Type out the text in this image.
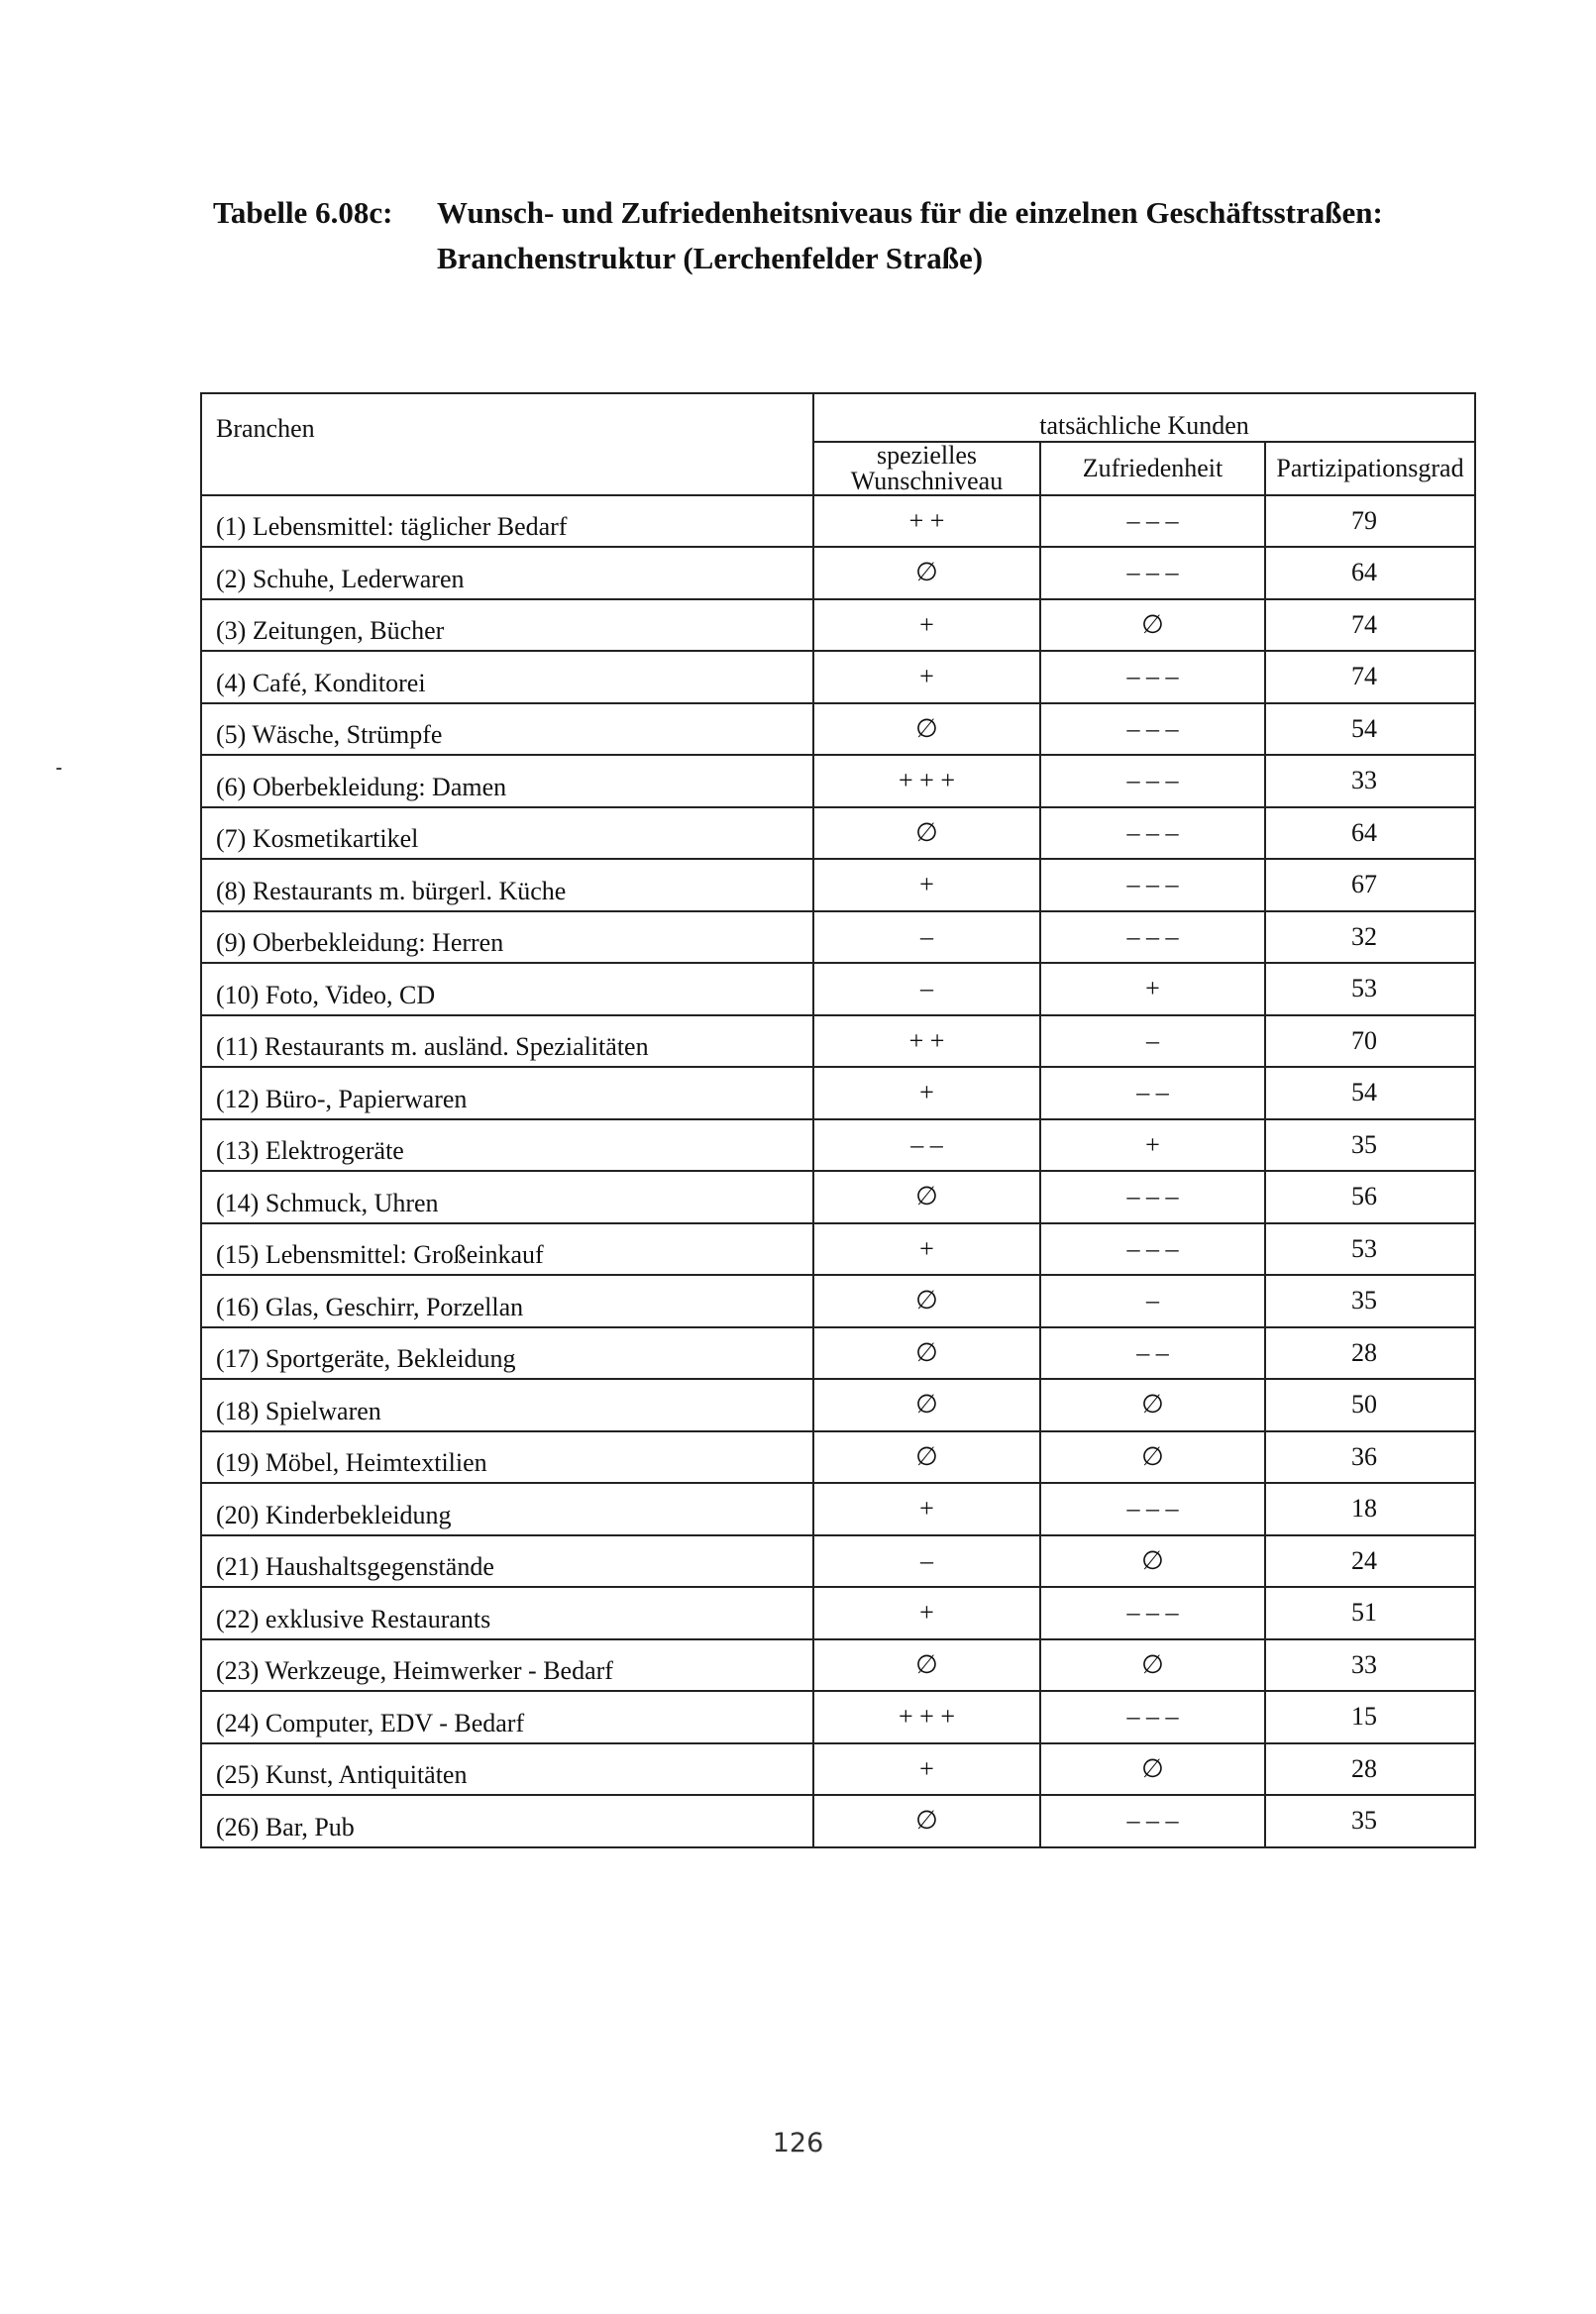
Tabelle 6.08c:	Wunsch- und Zufriedenheitsniveaus für die einzelnen Geschäftsstraßen:
Branchenstruktur (Lerchenfelder Straße)
Branchen	tatsächliche Kunden		
	spezielles Wunschniveau	Zufriedenheit	Partizipationsgrad
(1) Lebensmittel: täglicher Bedarf	+ +	– – –	79
(2) Schuhe, Lederwaren	∅	– – –	64
(3) Zeitungen, Bücher	+	∅	74
(4) Café, Konditorei	+	– – –	74
(5) Wäsche, Strümpfe	∅	– – –	54
(6) Oberbekleidung: Damen	+ + +	– – –	33
(7) Kosmetikartikel	∅	– – –	64
(8) Restaurants m. bürgerl. Küche	+	– – –	67
(9) Oberbekleidung: Herren	–	– – –	32
(10) Foto, Video, CD	–	+	53
(11) Restaurants m. ausländ. Spezialitäten	+ +	–	70
(12) Büro-, Papierwaren	+	– –	54
(13) Elektrogeräte	– –	+	35
(14) Schmuck, Uhren	∅	– – –	56
(15) Lebensmittel: Großeinkauf	+	– – –	53
(16) Glas, Geschirr, Porzellan	∅	–	35
(17) Sportgeräte, Bekleidung	∅	– –	28
(18) Spielwaren	∅	∅	50
(19) Möbel, Heimtextilien	∅	∅	36
(20) Kinderbekleidung	+	– – –	18
(21) Haushaltsgegenstände	–	∅	24
(22) exklusive Restaurants	+	– – –	51
(23) Werkzeuge, Heimwerker - Bedarf	∅	∅	33
(24) Computer, EDV - Bedarf	+ + +	– – –	15
(25) Kunst, Antiquitäten	+	∅	28
(26) Bar, Pub	∅	– – –	35
126
